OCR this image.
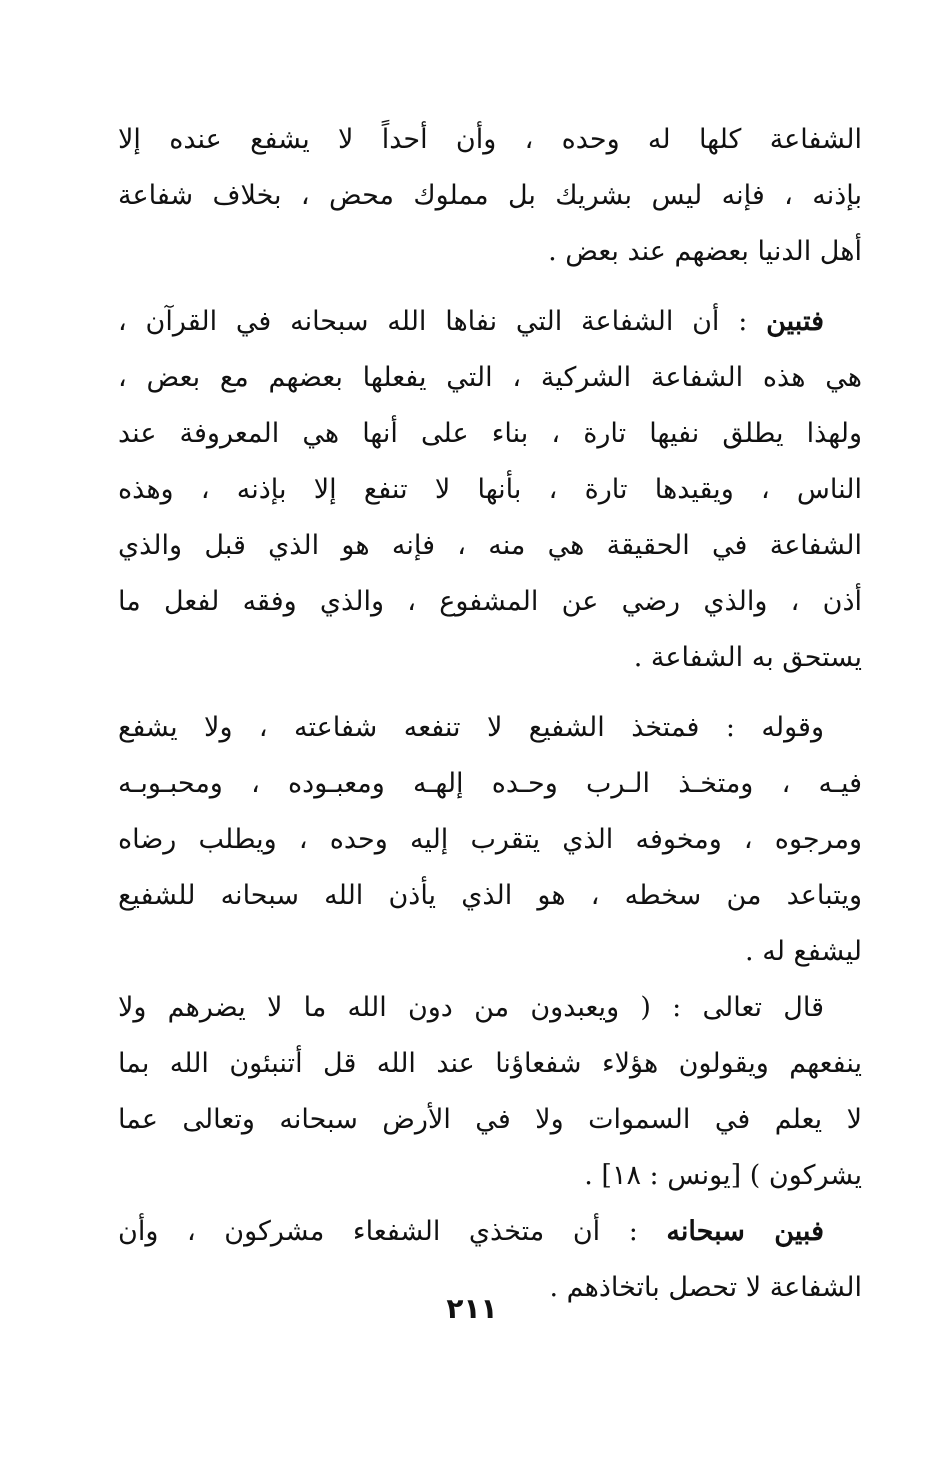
الشفاعة كلها له وحده ، وأن أحداً لا يشفع عنده إلا
بإذنه ، فإنه ليس بشريك بل مملوك محض ، بخلاف شفاعة
أهل الدنيا بعضهم عند بعض .
فتبين : أن الشفاعة التي نفاها الله سبحانه في القرآن ،
هي هذه الشفاعة الشركية ، التي يفعلها بعضهم مع بعض ،
ولهذا يطلق نفيها تارة ، بناء على أنها هي المعروفة عند
الناس ، ويقيدها تارة ، بأنها لا تنفع إلا بإذنه ، وهذه
الشفاعة في الحقيقة هي منه ، فإنه هو الذي قبل والذي
أذن ، والذي رضي عن المشفوع ، والذي وفقه لفعل ما
يستحق به الشفاعة .
وقوله : فمتخذ الشفيع لا تنفعه شفاعته ، ولا يشفع
فيـه ، ومتخـذ الـرب وحـده إلهـه ومعبـوده ، ومحبـوبـه
ومرجوه ، ومخوفه الذي يتقرب إليه وحده ، ويطلب رضاه
ويتباعد من سخطه ، هو الذي يأذن الله سبحانه للشفيع
ليشفع له .
قال تعالى : ( ويعبدون من دون الله ما لا يضرهم ولا
ينفعهم ويقولون هؤلاء شفعاؤنا عند الله قل أتنبئون الله بما
لا يعلم في السموات ولا في الأرض سبحانه وتعالى عما
يشركون ) [يونس : ١٨] .
فبين سبحانه : أن متخذي الشفعاء مشركون ، وأن
الشفاعة لا تحصل باتخاذهم .
٢١١
